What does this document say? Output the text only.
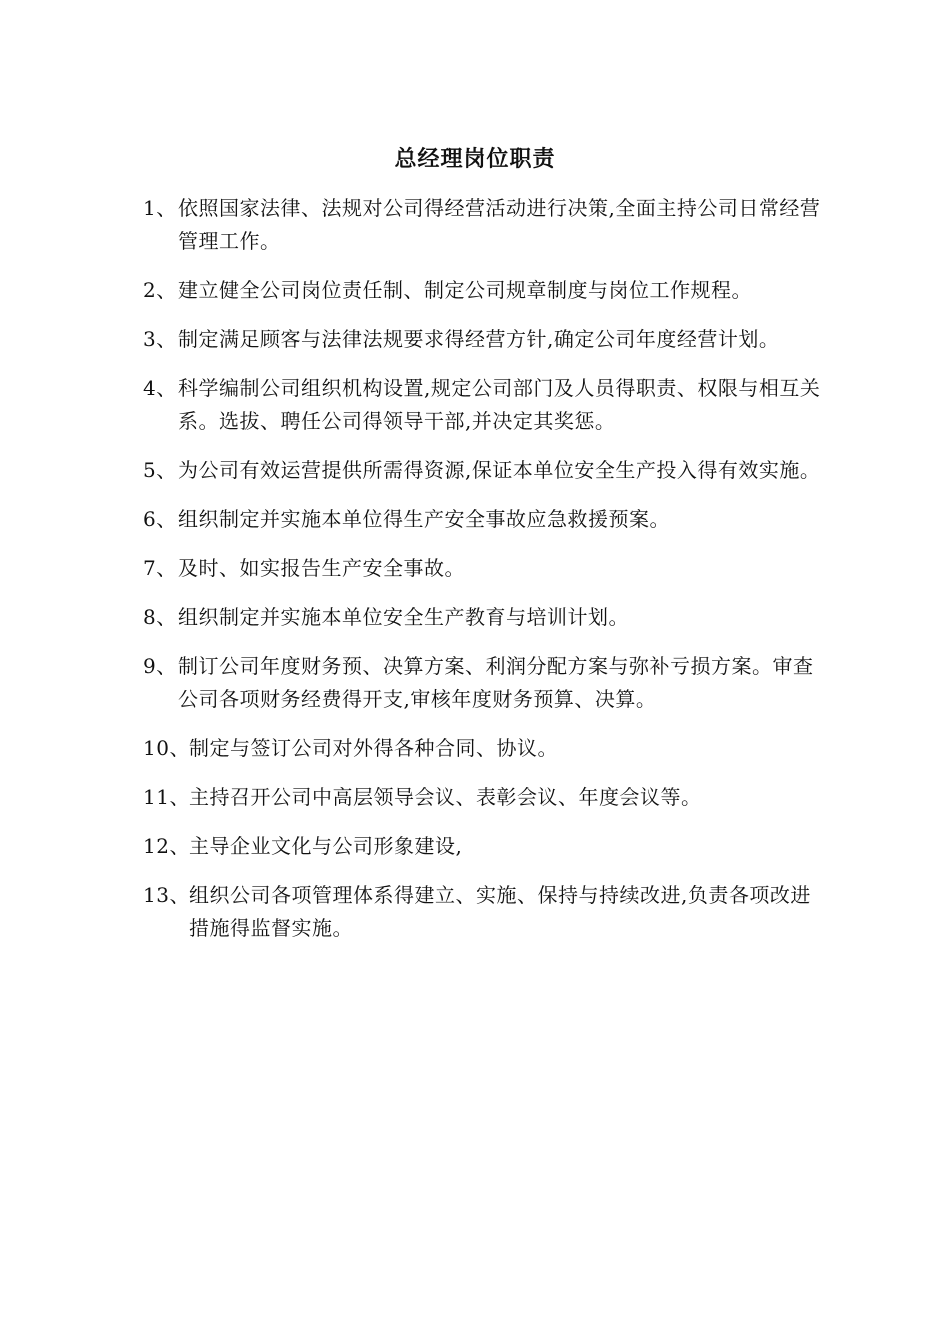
总经理岗位职责
1、 依照国家法律、法规对公司得经营活动进行决策,全面主持公司日常经营管理工作。
2、 建立健全公司岗位责任制、制定公司规章制度与岗位工作规程。
3、 制定满足顾客与法律法规要求得经营方针,确定公司年度经营计划。
4、 科学编制公司组织机构设置,规定公司部门及人员得职责、权限与相互关系。选拔、聘任公司得领导干部,并决定其奖惩。
5、 为公司有效运营提供所需得资源,保证本单位安全生产投入得有效实施。
6、 组织制定并实施本单位得生产安全事故应急救援预案。
7、 及时、如实报告生产安全事故。
8、 组织制定并实施本单位安全生产教育与培训计划。
9、 制订公司年度财务预、决算方案、利润分配方案与弥补亏损方案。审查公司各项财务经费得开支,审核年度财务预算、决算。
10、 制定与签订公司对外得各种合同、协议。
11、 主持召开公司中高层领导会议、表彰会议、年度会议等。
12、 主导企业文化与公司形象建设,
13、 组织公司各项管理体系得建立、实施、保持与持续改进,负责各项改进措施得监督实施。
